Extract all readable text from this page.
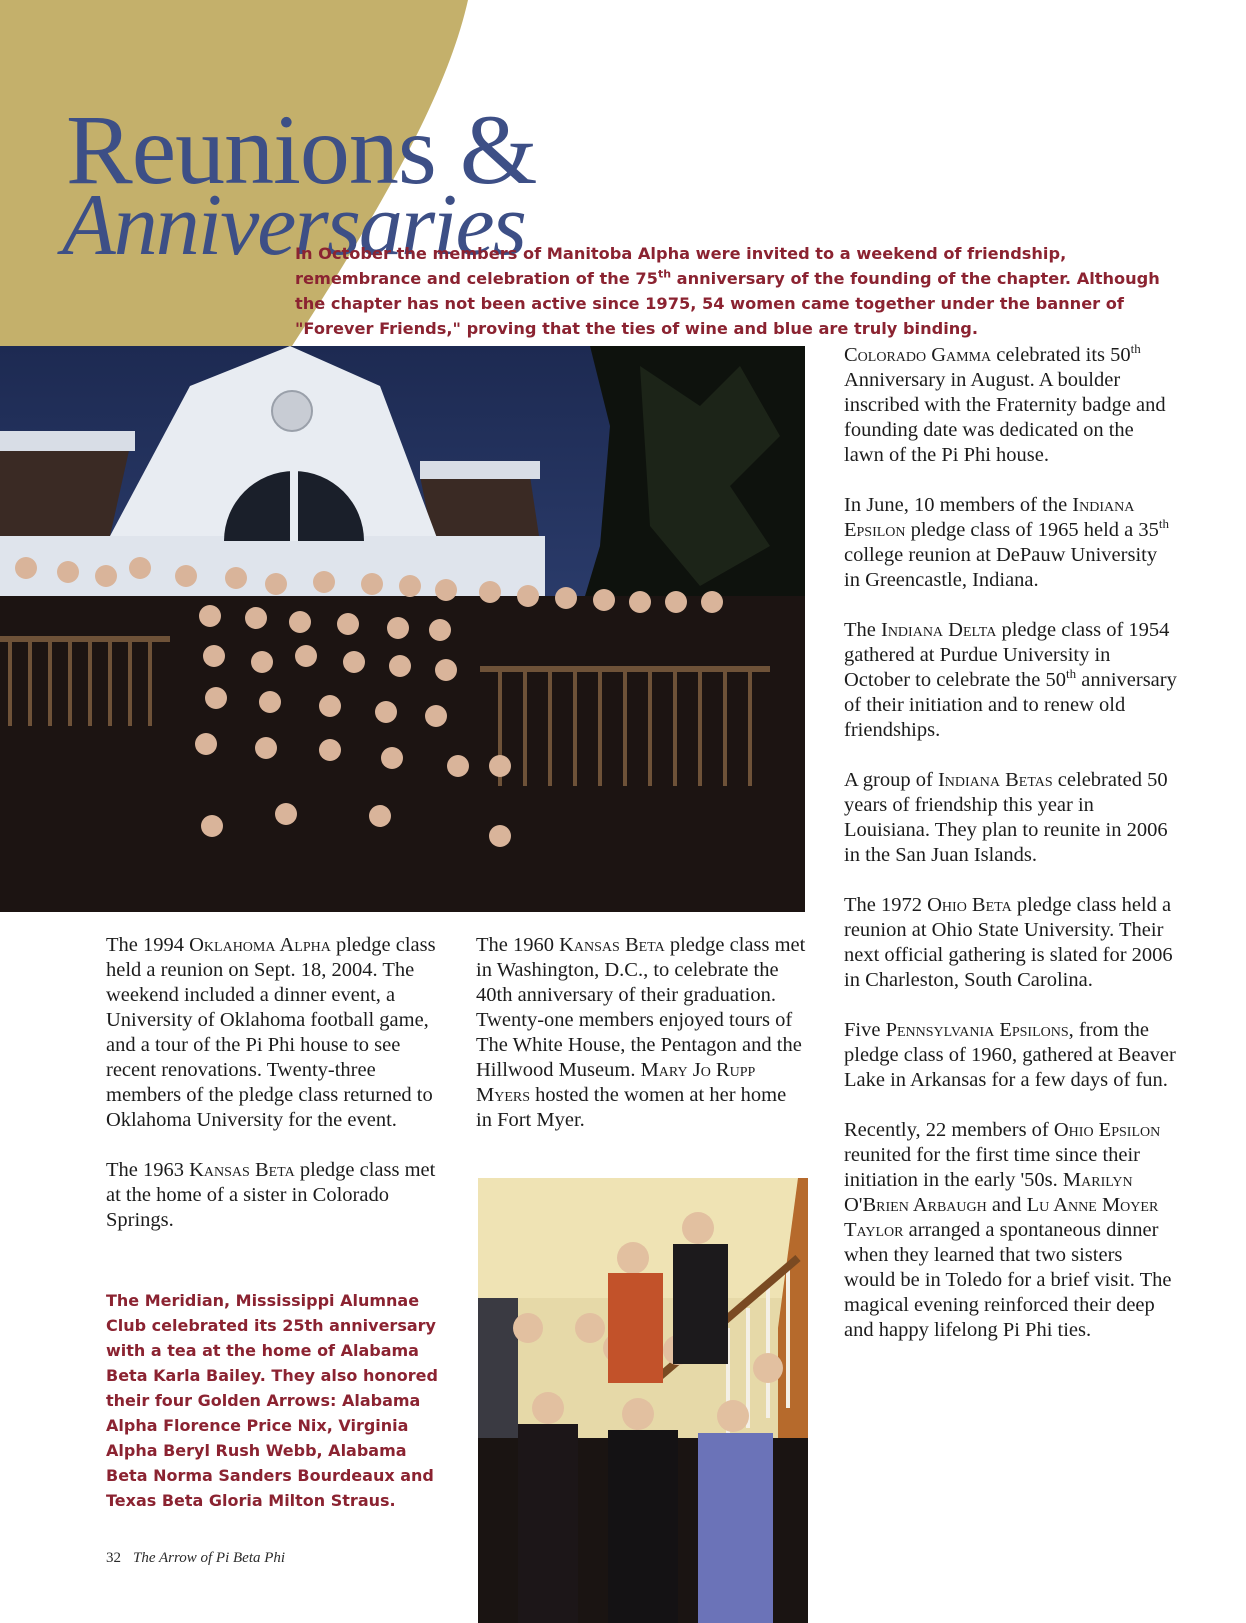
Reunions &
Anniversaries

In October the members of Manitoba Alpha were invited to a weekend of friendship, remembrance and celebration of the 75th anniversary of the founding of the chapter. Although the chapter has not been active since 1975, 54 women came together under the banner of "Forever Friends," proving that the ties of wine and blue are truly binding.

The 1994 Oklahoma Alpha pledge class held a reunion on Sept. 18, 2004. The weekend included a dinner event, a University of Oklahoma football game, and a tour of the Pi Phi house to see recent renovations. Twenty-three members of the pledge class returned to Oklahoma University for the event.

The 1963 Kansas Beta pledge class met at the home of a sister in Colorado Springs.

The Meridian, Mississippi Alumnae Club celebrated its 25th anniversary with a tea at the home of Alabama Beta Karla Bailey. They also honored their four Golden Arrows: Alabama Alpha Florence Price Nix, Virginia Alpha Beryl Rush Webb, Alabama Beta Norma Sanders Bourdeaux and Texas Beta Gloria Milton Straus.

The 1960 Kansas Beta pledge class met in Washington, D.C., to celebrate the 40th anniversary of their graduation. Twenty-one members enjoyed tours of The White House, the Pentagon and the Hillwood Museum. Mary Jo Rupp Myers hosted the women at her home in Fort Myer.

Colorado Gamma celebrated its 50th Anniversary in August. A boulder inscribed with the Fraternity badge and founding date was dedicated on the lawn of the Pi Phi house.

In June, 10 members of the Indiana Epsilon pledge class of 1965 held a 35th college reunion at DePauw University in Greencastle, Indiana.

The Indiana Delta pledge class of 1954 gathered at Purdue University in October to celebrate the 50th anniversary of their initiation and to renew old friendships.

A group of Indiana Betas celebrated 50 years of friendship this year in Louisiana. They plan to reunite in 2006 in the San Juan Islands.

The 1972 Ohio Beta pledge class held a reunion at Ohio State University. Their next official gathering is slated for 2006 in Charleston, South Carolina.

Five Pennsylvania Epsilons, from the pledge class of 1960, gathered at Beaver Lake in Arkansas for a few days of fun.

Recently, 22 members of Ohio Epsilon reunited for the first time since their initiation in the early '50s. Marilyn O'Brien Arbaugh and Lu Anne Moyer Taylor arranged a spontaneous dinner when they learned that two sisters would be in Toledo for a brief visit. The magical evening reinforced their deep and happy lifelong Pi Phi ties.

32 The Arrow of Pi Beta Phi
